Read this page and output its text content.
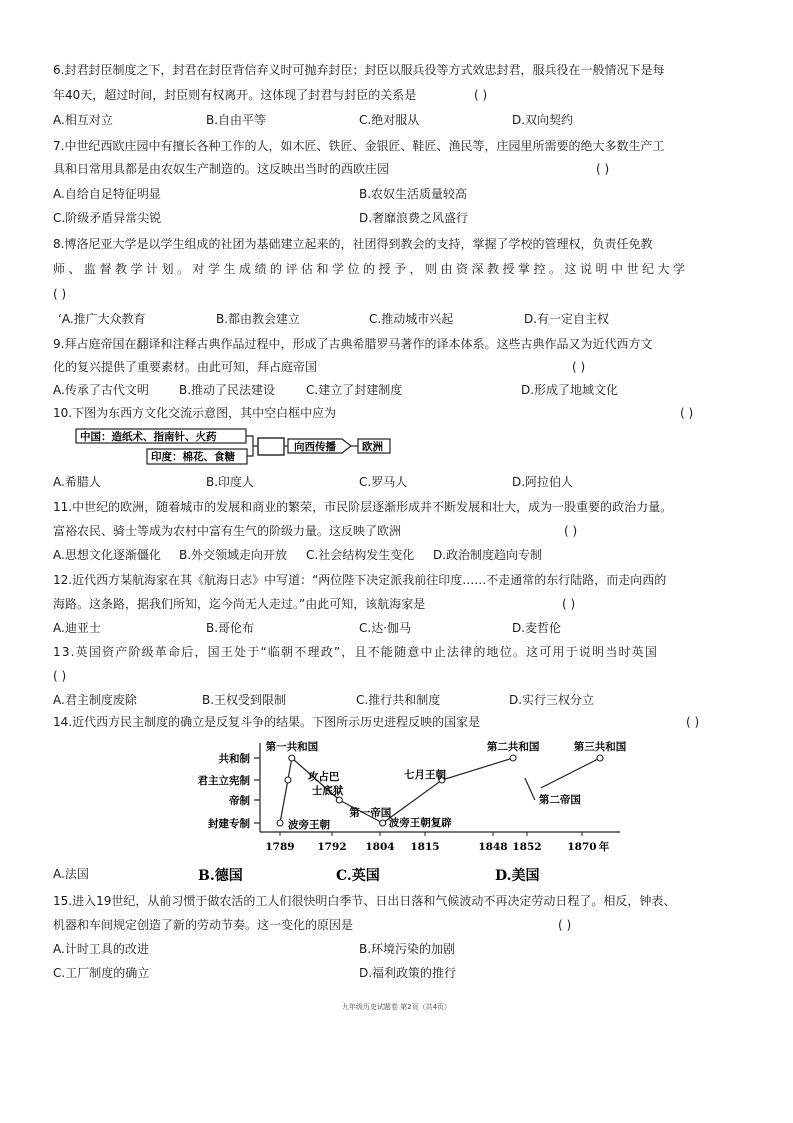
6.封君封臣制度之下，封君在封臣背信弃义时可抛弃封臣；封臣以服兵役等方式效忠封君，服兵役在一般情况下是每
年40天，超过时间，封臣则有权离开。这体现了封君与封臣的关系是	( )
A.相互对立	B.自由平等	C.绝对服从	D.双向契约
7.中世纪西欧庄园中有擅长各种工作的人，如木匠、铁匠、金银匠、鞋匠、渔民等，庄园里所需要的绝大多数生产工
具和日常用具都是由农奴生产制造的。这反映出当时的西欧庄园	( )
A.自给自足特征明显	B.农奴生活质量较高
C.阶级矛盾异常尖锐	D.奢靡浪费之风盛行
8.博洛尼亚大学是以学生组成的社团为基础建立起来的，社团得到教会的支持，掌握了学校的管理权，负责任免教
师、监督教学计划。对学生成绩的评估和学位的授予，则由资深教授掌控。这说明中世纪大学
( )
‘A.推广大众教育	B.都由教会建立	C.推动城市兴起	D.有一定自主权
9.拜占庭帝国在翻译和注释古典作品过程中，形成了古典希腊罗马著作的译本体系。这些古典作品又为近代西方文
化的复兴提供了重要素材。由此可知，拜占庭帝国	( )
A.传承了古代文明	B.推动了民法建设	C.建立了封建制度	D.形成了地域文化
10.下图为东西方文化交流示意图，其中空白框中应为	( )
中国：造纸术、指南针、火药
印度：棉花、食糖
向西传播 欧洲
A.希腊人	B.印度人	C.罗马人	D.阿拉伯人
11.中世纪的欧洲，随着城市的发展和商业的繁荣，市民阶层逐渐形成并不断发展和壮大，成为一股重要的政治力量。
富裕农民、骑士等成为农村中富有生气的阶级力量。这反映了欧洲	( )
A.思想文化逐渐僵化 B.外交领域走向开放 C.社会结构发生变化 D.政治制度趋向专制
12.近代西方某航海家在其《航海日志》中写道：“两位陛下决定派我前往印度……不走通常的东行陆路，而走向西的
海路。这条路，据我们所知，迄今尚无人走过。”由此可知，该航海家是	( )
A.迪亚士	B.哥伦布	C.达·伽马	D.麦哲伦
13.英国资产阶级革命后，国王处于“临朝不理政”，且不能随意中止法律的地位。这可用于说明当时英国
( )
A.君主制度废除	B.王权受到限制	C.推行共和制度	D.实行三权分立
14.近代西方民主制度的确立是反复斗争的结果。下图所示历史进程反映的国家是	( )
封建专制
帝制
君主立宪制
共和制
1789 1792 1804 1815	1848 1852 1870 年
波旁王朝
攻占巴
士底狱
第一共和国
第一帝国
波旁王朝复辟
七月王朝
第二共和国
第二帝国
第三共和国
B.德国	C.英国	D.美国
A.法国
15.进入19世纪，从前习惯于做农活的工人们很快明白季节、日出日落和气候波动不再决定劳动日程了。相反，钟表、
机器和车间规定创造了新的劳动节奏。这一变化的原因是	( )
A.计时工具的改进	B.环境污染的加剧
C.工厂制度的确立	D.福利政策的推行
九年级历史试题卷 第2页（共4页）
